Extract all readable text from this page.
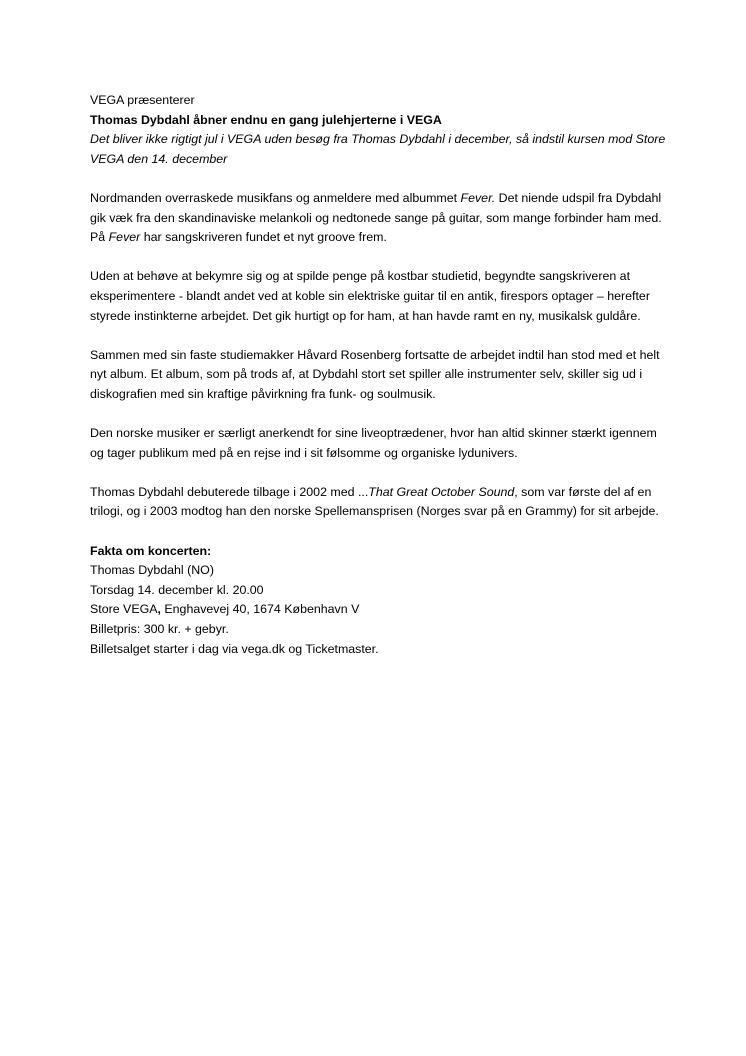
VEGA præsenterer

Thomas Dybdahl åbner endnu en gang julehjerterne i VEGA

Det bliver ikke rigtigt jul i VEGA uden besøg fra Thomas Dybdahl i december, så indstil kursen mod Store VEGA den 14. december

Nordmanden overraskede musikfans og anmeldere med albummet Fever. Det niende udspil fra Dybdahl gik væk fra den skandinaviske melankoli og nedtonede sange på guitar, som mange forbinder ham med. På Fever har sangskriveren fundet et nyt groove frem.

Uden at behøve at bekymre sig og at spilde penge på kostbar studietid, begyndte sangskriveren at eksperimentere - blandt andet ved at koble sin elektriske guitar til en antik, firespors optager – herefter styrede instinkterne arbejdet. Det gik hurtigt op for ham, at han havde ramt en ny, musikalsk guldåre.

Sammen med sin faste studiemakker Håvard Rosenberg fortsatte de arbejdet indtil han stod med et helt nyt album. Et album, som på trods af, at Dybdahl stort set spiller alle instrumenter selv, skiller sig ud i diskografien med sin kraftige påvirkning fra funk- og soulmusik.

Den norske musiker er særligt anerkendt for sine liveoptrædener, hvor han altid skinner stærkt igennem og tager publikum med på en rejse ind i sit følsomme og organiske lydunivers.

Thomas Dybdahl debuterede tilbage i 2002 med ...That Great October Sound, som var første del af en trilogi, og i 2003 modtog han den norske Spellemansprisen (Norges svar på en Grammy) for sit arbejde.

Fakta om koncerten:

Thomas Dybdahl (NO)

Torsdag 14. december kl. 20.00

Store VEGA, Enghavevej 40, 1674 København V

Billetpris: 300 kr. + gebyr.

Billetsalget starter i dag via vega.dk og Ticketmaster.
